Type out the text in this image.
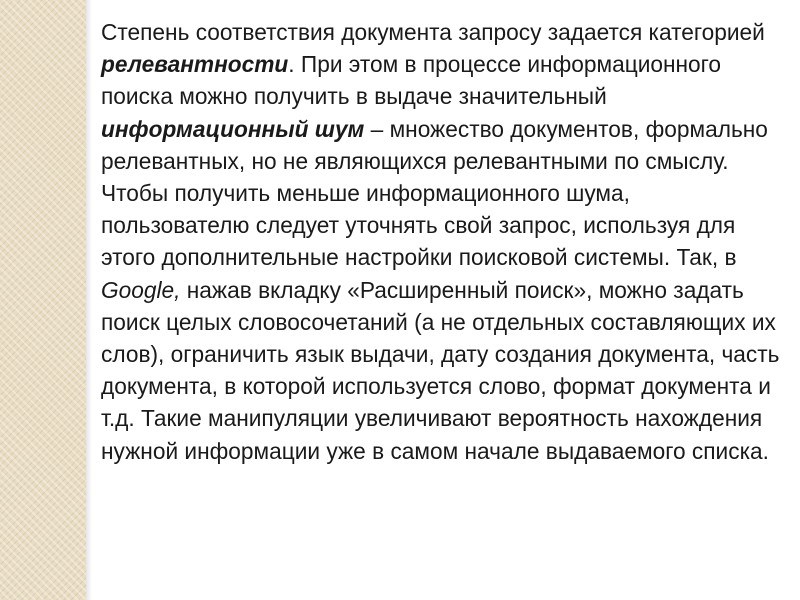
Степень соответствия документа запросу задается категорией релевантности. При этом в процессе информационного поиска можно получить в выдаче значительный информационный шум – множество документов, формально релевантных, но не являющихся релевантными по смыслу.

Чтобы получить меньше информационного шума, пользователю следует уточнять свой запрос, используя для этого дополнительные настройки поисковой системы. Так, в Google, нажав вкладку «Расширенный поиск», можно задать поиск целых словосочетаний (а не отдельных составляющих их слов), ограничить язык выдачи, дату создания документа, часть документа, в которой используется слово, формат документа и т.д. Такие манипуляции увеличивают вероятность нахождения нужной информации уже в самом начале выдаваемого списка.
